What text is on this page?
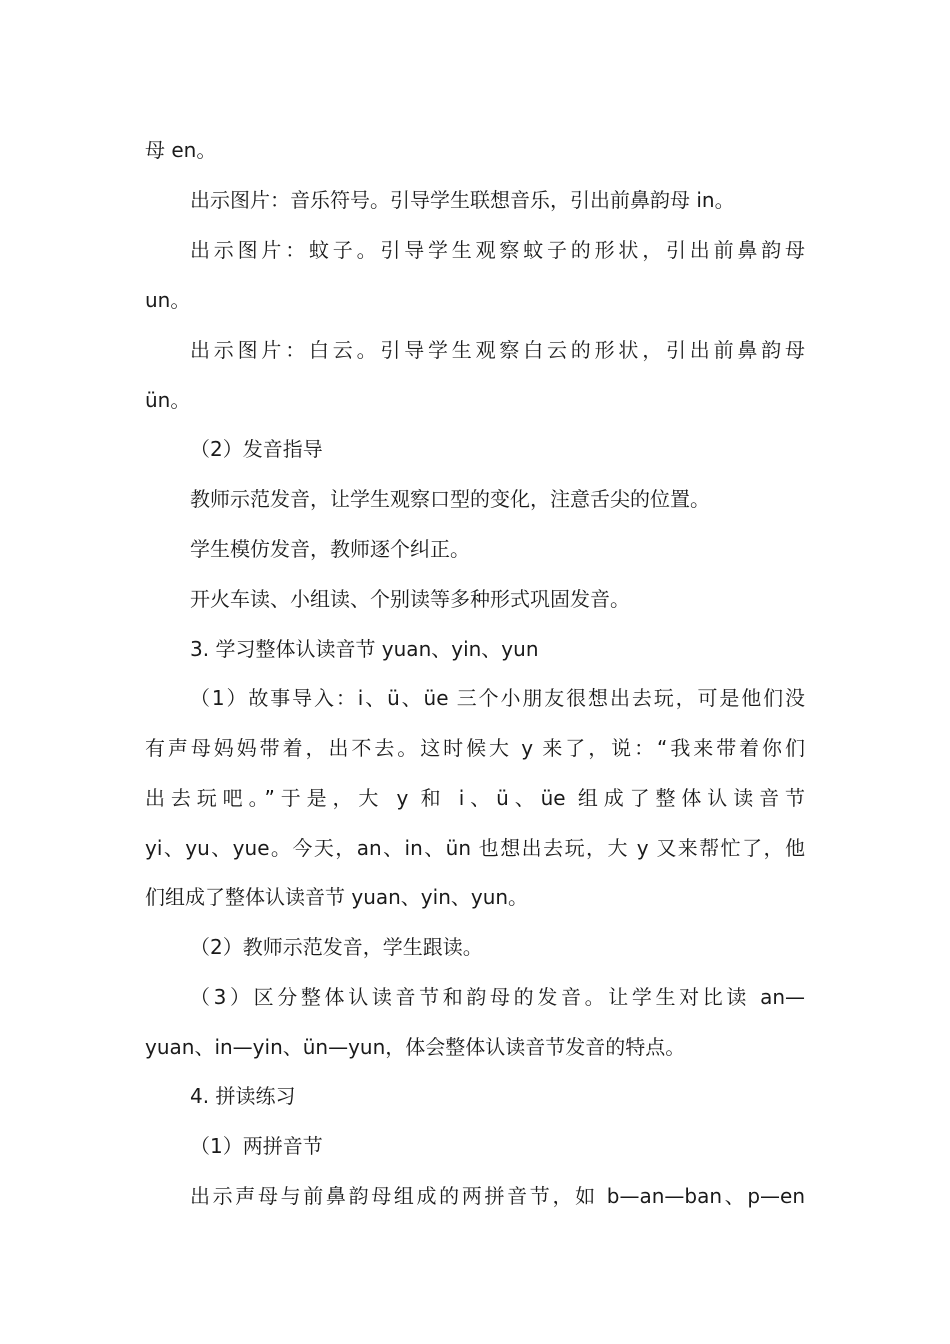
母 en。
出示图片：音乐符号。引导学生联想音乐，引出前鼻韵母 in。
出示图片：蚊子。引导学生观察蚊子的形状，引出前鼻韵母
un。
出示图片：白云。引导学生观察白云的形状，引出前鼻韵母
ün。
（2）发音指导
教师示范发音，让学生观察口型的变化，注意舌尖的位置。
学生模仿发音，教师逐个纠正。
开火车读、小组读、个别读等多种形式巩固发音。
3. 学习整体认读音节 yuan、yin、yun
（1）故事导入：i、ü、üe 三个小朋友很想出去玩，可是他们没
有声母妈妈带着，出不去。这时候大 y 来了，说：“我来带着你们
出去玩吧。”于是，大 y 和 i、ü、üe 组成了整体认读音节
yi、yu、yue。今天，an、in、ün 也想出去玩，大 y 又来帮忙了，他
们组成了整体认读音节 yuan、yin、yun。
（2）教师示范发音，学生跟读。
（3）区分整体认读音节和韵母的发音。让学生对比读 an—
yuan、in—yin、ün—yun，体会整体认读音节发音的特点。
4. 拼读练习
（1）两拼音节
出示声母与前鼻韵母组成的两拼音节，如 b—an—ban、p—en
